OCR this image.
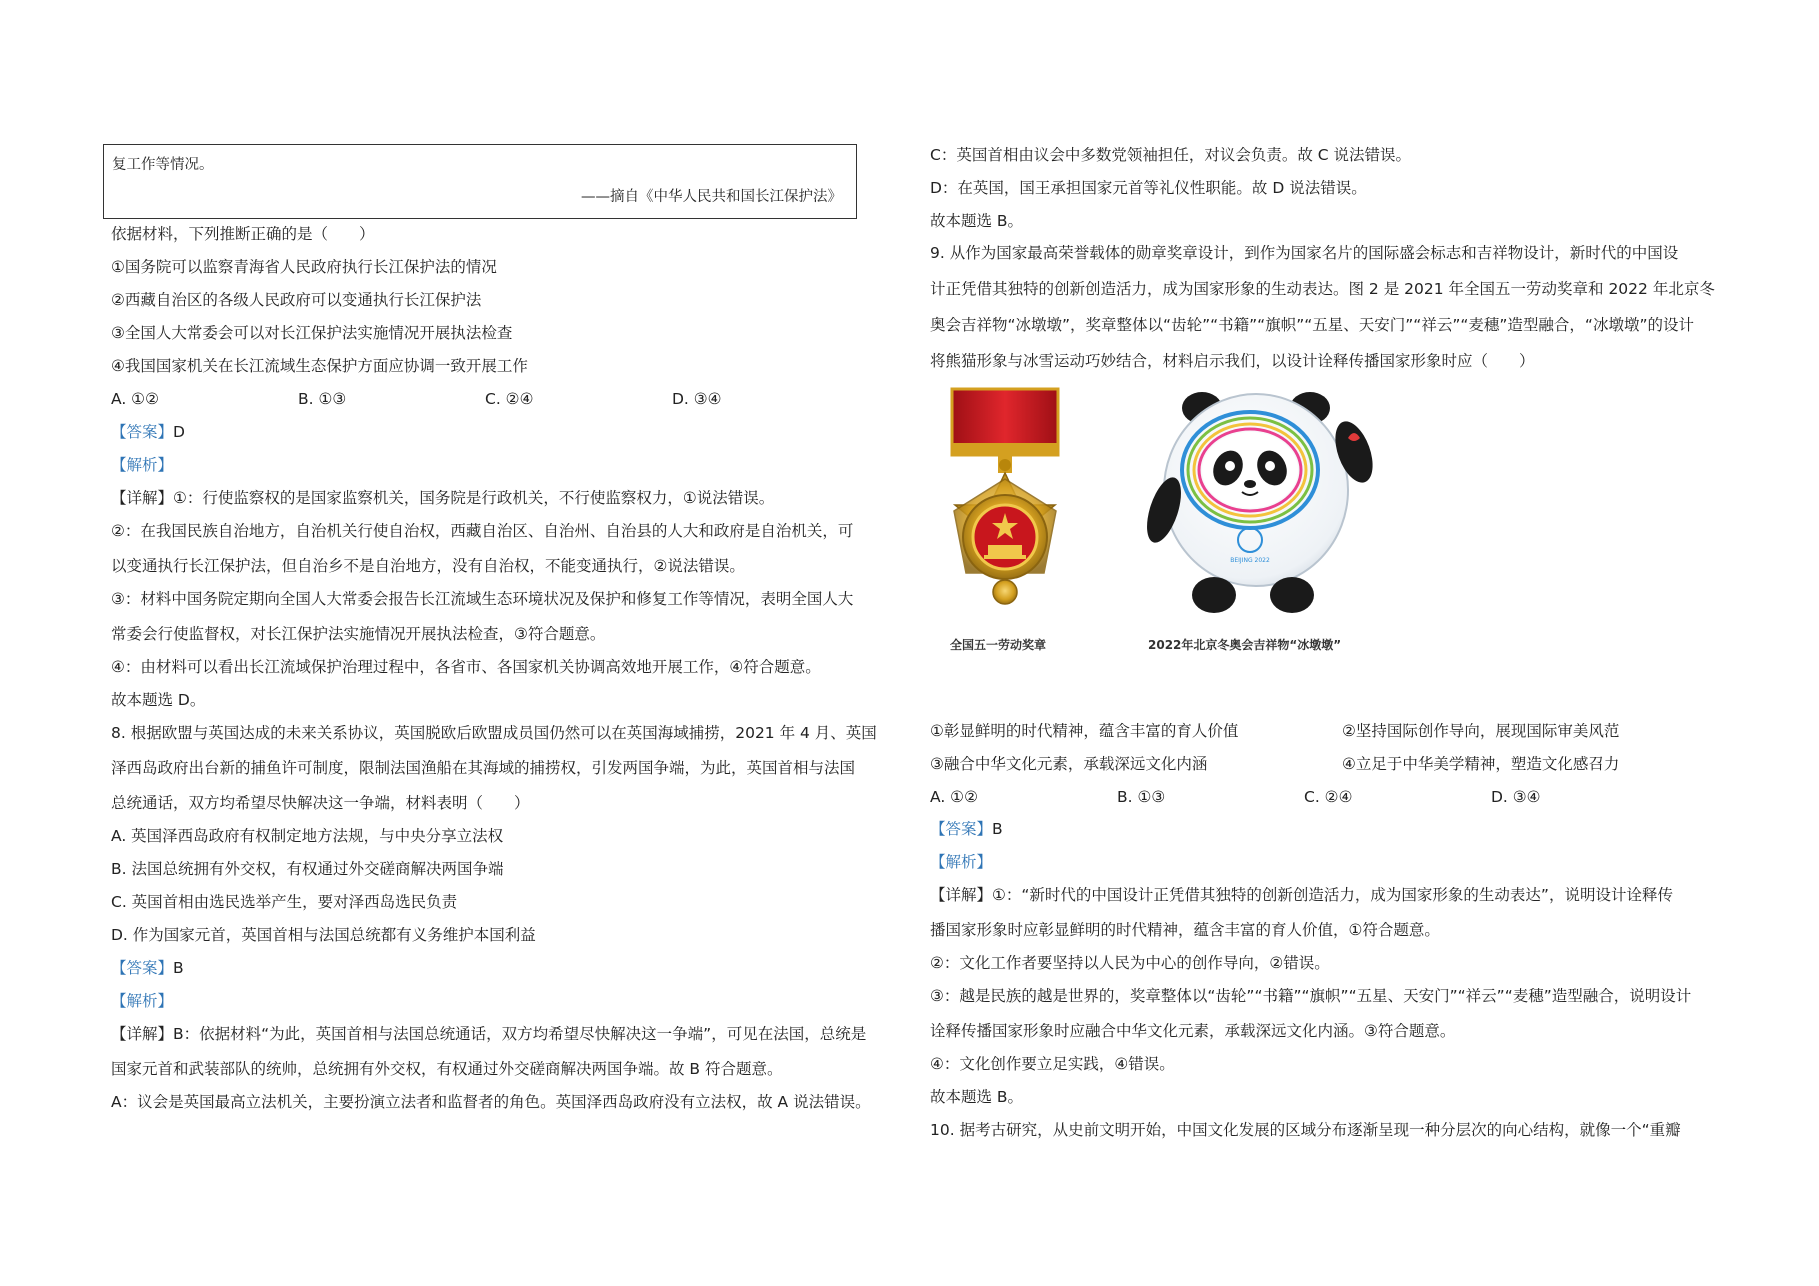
复工作等情况。
——摘自《中华人民共和国长江保护法》
依据材料，下列推断正确的是（　　）
①国务院可以监察青海省人民政府执行长江保护法的情况
②西藏自治区的各级人民政府可以变通执行长江保护法
③全国人大常委会可以对长江保护法实施情况开展执法检查
④我国国家机关在长江流域生态保护方面应协调一致开展工作
A. ①②	B. ①③	C. ②④	D. ③④
【答案】D
【解析】
【详解】①：行使监察权的是国家监察机关，国务院是行政机关，不行使监察权力，①说法错误。
②：在我国民族自治地方，自治机关行使自治权，西藏自治区、自治州、自治县的人大和政府是自治机关，可
以变通执行长江保护法，但自治乡不是自治地方，没有自治权，不能变通执行，②说法错误。
③：材料中国务院定期向全国人大常委会报告长江流域生态环境状况及保护和修复工作等情况，表明全国人大
常委会行使监督权，对长江保护法实施情况开展执法检查，③符合题意。
④：由材料可以看出长江流域保护治理过程中，各省市、各国家机关协调高效地开展工作，④符合题意。
故本题选 D。
8. 根据欧盟与英国达成的未来关系协议，英国脱欧后欧盟成员国仍然可以在英国海域捕捞，2021 年 4 月、英国
泽西岛政府出台新的捕鱼许可制度，限制法国渔船在其海域的捕捞权，引发两国争端，为此，英国首相与法国
总统通话，双方均希望尽快解决这一争端，材料表明（　　）
A. 英国泽西岛政府有权制定地方法规，与中央分享立法权
B. 法国总统拥有外交权，有权通过外交磋商解决两国争端
C. 英国首相由选民选举产生，要对泽西岛选民负责
D. 作为国家元首，英国首相与法国总统都有义务维护本国利益
【答案】B
【解析】
【详解】B：依据材料“为此，英国首相与法国总统通话，双方均希望尽快解决这一争端”，可见在法国，总统是
国家元首和武装部队的统帅，总统拥有外交权，有权通过外交磋商解决两国争端。故 B 符合题意。
A：议会是英国最高立法机关，主要扮演立法者和监督者的角色。英国泽西岛政府没有立法权，故 A 说法错误。
C：英国首相由议会中多数党领袖担任，对议会负责。故 C 说法错误。
D：在英国，国王承担国家元首等礼仪性职能。故 D 说法错误。
故本题选 B。
9. 从作为国家最高荣誉载体的勋章奖章设计，到作为国家名片的国际盛会标志和吉祥物设计，新时代的中国设
计正凭借其独特的创新创造活力，成为国家形象的生动表达。图 2 是 2021 年全国五一劳动奖章和 2022 年北京冬
奥会吉祥物“冰墩墩”，奖章整体以“齿轮”“书籍”“旗帜”“五星、天安门”“祥云”“麦穗”造型融合，“冰墩墩”的设计
将熊猫形象与冰雪运动巧妙结合，材料启示我们，以设计诠释传播国家形象时应（　　）
BEIJING 2022
全国五一劳动奖章	2022年北京冬奥会吉祥物“冰墩墩”
①彰显鲜明的时代精神，蕴含丰富的育人价值	②坚持国际创作导向，展现国际审美风范
③融合中华文化元素，承载深远文化内涵	④立足于中华美学精神，塑造文化感召力
A. ①②	B. ①③	C. ②④	D. ③④
【答案】B
【解析】
【详解】①：“新时代的中国设计正凭借其独特的创新创造活力，成为国家形象的生动表达”，说明设计诠释传
播国家形象时应彰显鲜明的时代精神，蕴含丰富的育人价值，①符合题意。
②：文化工作者要坚持以人民为中心的创作导向，②错误。
③：越是民族的越是世界的，奖章整体以“齿轮”“书籍”“旗帜”“五星、天安门”“祥云”“麦穗”造型融合，说明设计
诠释传播国家形象时应融合中华文化元素，承载深远文化内涵。③符合题意。
④：文化创作要立足实践，④错误。
故本题选 B。
10. 据考古研究，从史前文明开始，中国文化发展的区域分布逐渐呈现一种分层次的向心结构，就像一个“重瓣
